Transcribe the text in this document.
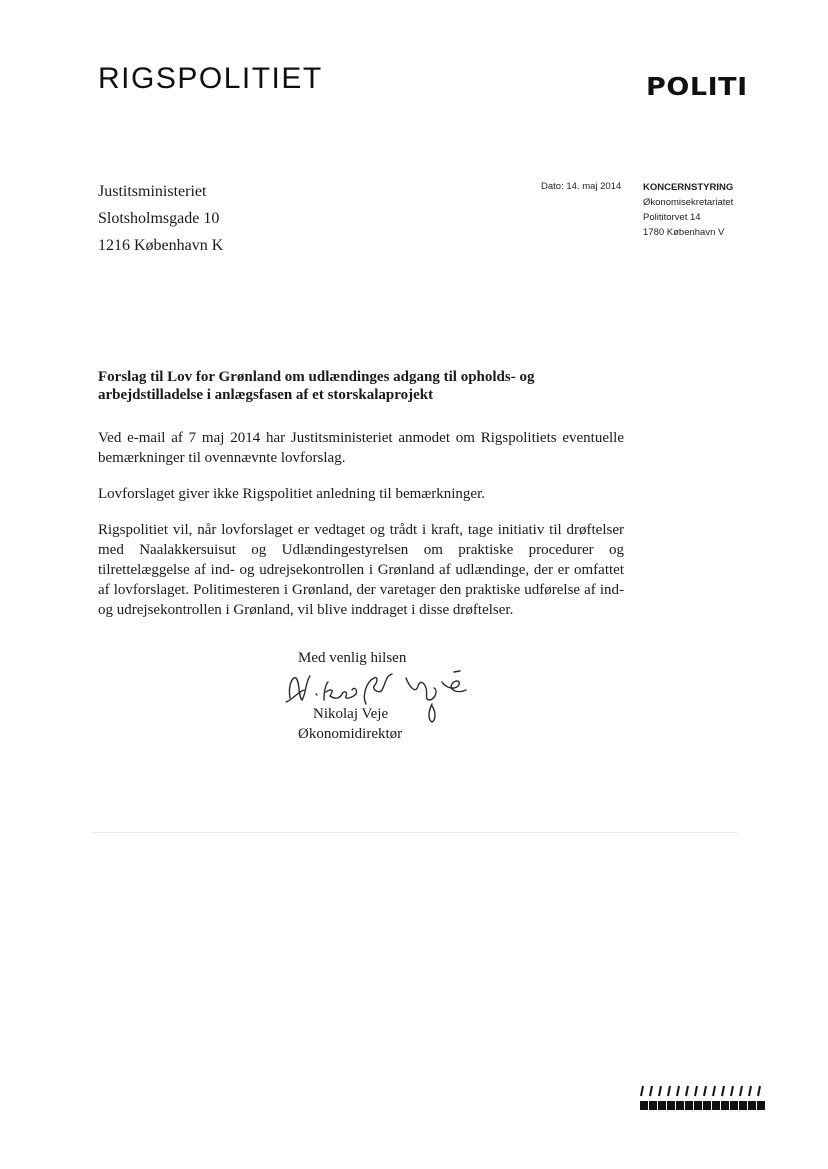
RIGSPOLITIET	POLITI
Justitsministeriet
Slotsholmsgade 10
1216 København K
Dato: 14. maj 2014 KONCERNSTYRING
Økonomisekretariatet
Polititorvet 14
1780 København V
Forslag til Lov for Grønland om udlændinges adgang til opholds- og arbejdstilladelse i anlægsfasen af et storskalaprojekt
Ved e-mail af 7 maj 2014 har Justitsministeriet anmodet om Rigspolitiets eventuelle bemærkninger til ovennævnte lovforslag.
Lovforslaget giver ikke Rigspolitiet anledning til bemærkninger.
Rigspolitiet vil, når lovforslaget er vedtaget og trådt i kraft, tage initiativ til drøftelser med Naalakkersuisut og Udlændingestyrelsen om praktiske procedurer og tilrettelæggelse af ind- og udrejsekontrollen i Grønland af udlændinge, der er omfattet af lovforslaget. Politimesteren i Grønland, der varetager den praktiske udførelse af ind- og udrejsekontrollen i Grønland, vil blive inddraget i disse drøftelser.
Med venlig hilsen
Nikolaj Veje
Økonomidirektør
